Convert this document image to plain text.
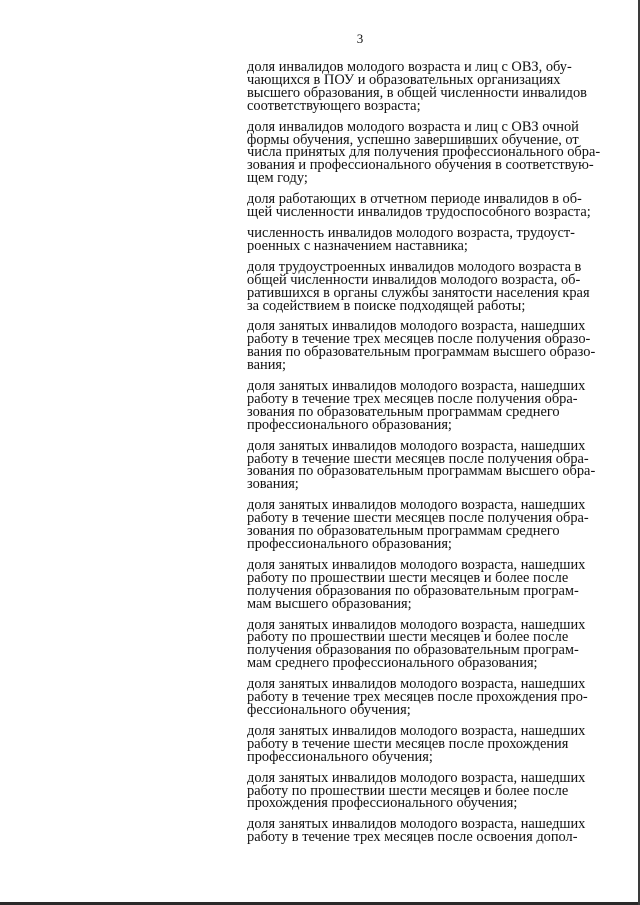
3

доля инвалидов молодого возраста и лиц с ОВЗ, обу-
чающихся в ПОУ и образовательных организациях
высшего образования, в общей численности инвалидов
соответствующего возраста;

доля инвалидов молодого возраста и лиц с ОВЗ очной
формы обучения, успешно завершивших обучение, от
числа принятых для получения профессионального обра-
зования и профессионального обучения в соответствую-
щем году;

доля работающих в отчетном периоде инвалидов в об-
щей численности инвалидов трудоспособного возраста;

численность инвалидов молодого возраста, трудоуст-
роенных с назначением наставника;

доля трудоустроенных инвалидов молодого возраста в
общей численности инвалидов молодого возраста, об-
ратившихся в органы службы занятости населения края
за содействием в поиске подходящей работы;

доля занятых инвалидов молодого возраста, нашедших
работу в течение трех месяцев после получения образо-
вания по образовательным программам высшего образо-
вания;

доля занятых инвалидов молодого возраста, нашедших
работу в течение трех месяцев после получения обра-
зования по образовательным программам среднего
профессионального образования;

доля занятых инвалидов молодого возраста, нашедших
работу в течение шести месяцев после получения обра-
зования по образовательным программам высшего обра-
зования;

доля занятых инвалидов молодого возраста, нашедших
работу в течение шести месяцев после получения обра-
зования по образовательным программам среднего
профессионального образования;

доля занятых инвалидов молодого возраста, нашедших
работу по прошествии шести месяцев и более после
получения образования по образовательным програм-
мам высшего образования;

доля занятых инвалидов молодого возраста, нашедших
работу по прошествии шести месяцев и более после
получения образования по образовательным програм-
мам среднего профессионального образования;

доля занятых инвалидов молодого возраста, нашедших
работу в течение трех месяцев после прохождения про-
фессионального обучения;

доля занятых инвалидов молодого возраста, нашедших
работу в течение шести месяцев после прохождения
профессионального обучения;

доля занятых инвалидов молодого возраста, нашедших
работу по прошествии шести месяцев и более после
прохождения профессионального обучения;

доля занятых инвалидов молодого возраста, нашедших
работу в течение трех месяцев после освоения допол-
